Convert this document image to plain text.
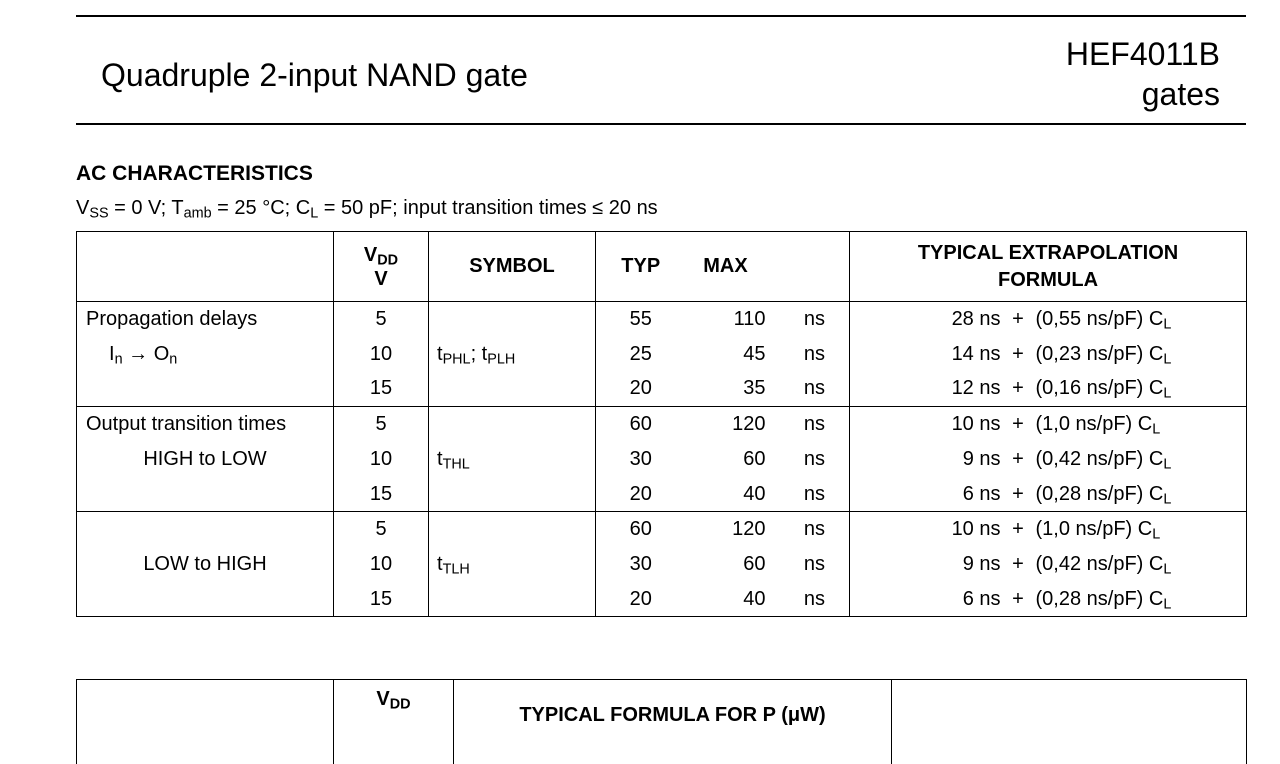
Quadruple 2-input NAND gate
HEF4011B
gates
AC CHARACTERISTICS
$V_{SS} = 0$ V; $T_{amb} = 25$ °C; $C_L = 50$ pF; input transition times ≤ 20 ns
	$V_{DD}$
V	SYMBOL	TYP	MAX		TYPICAL EXTRAPOLATION FORMULA			
Propagation delays	5		55	110	ns		28 ns	+	(0,55 ns/pF) $C_L$
$I_n \to O_n$	10	$t_{PHL}$; $t_{PLH}$	25	45	ns		14 ns	+	(0,23 ns/pF) $C_L$
	15		20	35	ns		12 ns	+	(0,16 ns/pF) $C_L$
Output transition times	5		60	120	ns		10 ns	+	(1,0 ns/pF) $C_L$
HIGH to LOW	10	$t_{THL}$	30	60	ns		9 ns	+	(0,42 ns/pF) $C_L$
	15		20	40	ns		6 ns	+	(0,28 ns/pF) $C_L$
	5		60	120	ns		10 ns	+	(1,0 ns/pF) $C_L$
LOW to HIGH	10	$t_{TLH}$	30	60	ns		9 ns	+	(0,42 ns/pF) $C_L$
	15		20	40	ns		6 ns	+	(0,28 ns/pF) $C_L$
	$V_{DD}$	TYPICAL FORMULA FOR P (μW)	
